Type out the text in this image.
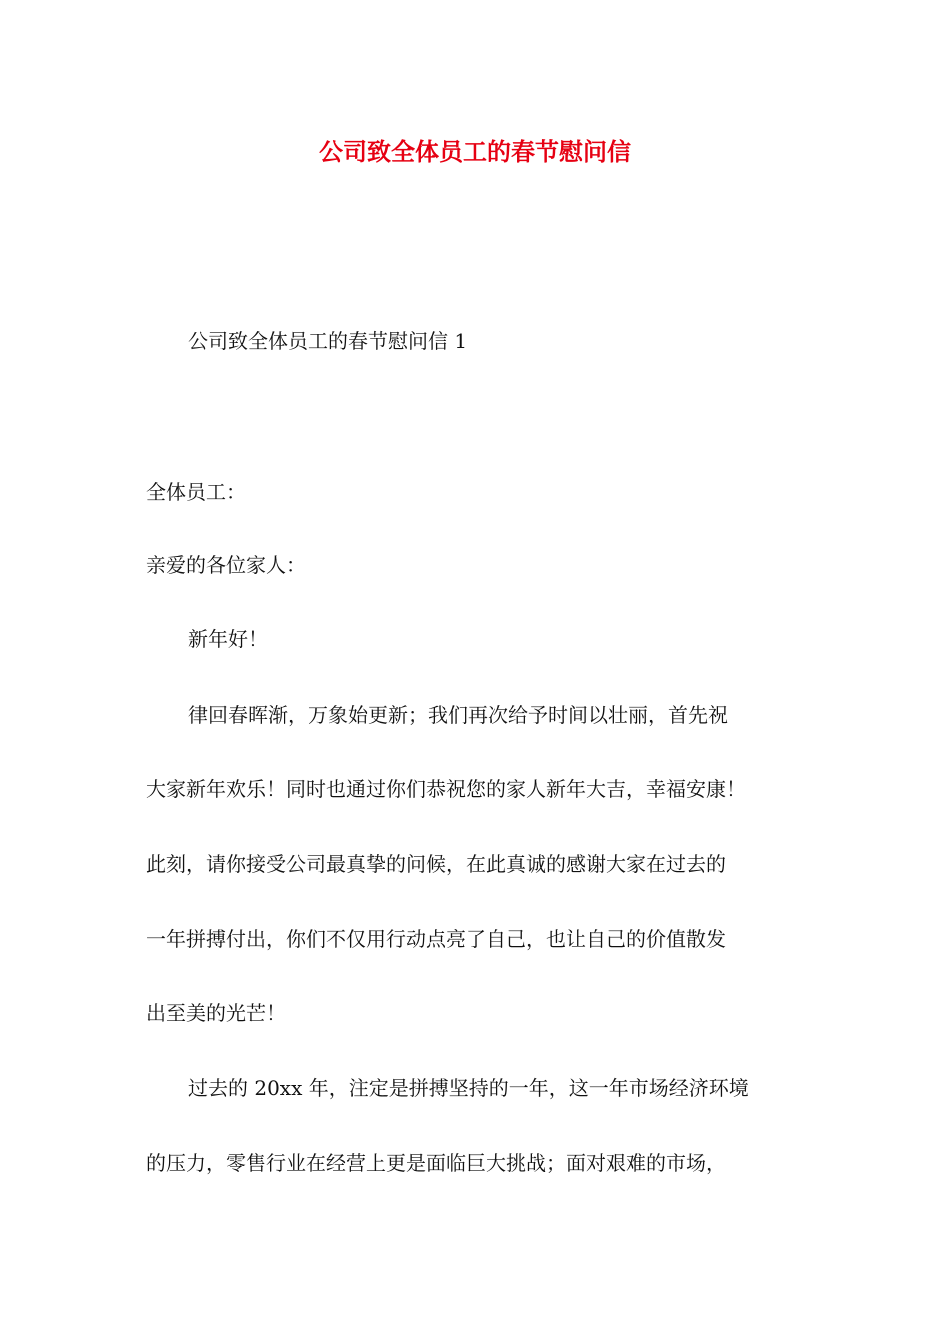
公司致全体员工的春节慰问信
公司致全体员工的春节慰问信 1
全体员工：
亲爱的各位家人：
新年好！
律回春晖渐，万象始更新；我们再次给予时间以壮丽，首先祝
大家新年欢乐！同时也通过你们恭祝您的家人新年大吉，幸福安康！
此刻，请你接受公司最真挚的问候，在此真诚的感谢大家在过去的
一年拼搏付出，你们不仅用行动点亮了自己，也让自己的价值散发
出至美的光芒！
过去的 20xx 年，注定是拼搏坚持的一年，这一年市场经济环境
的压力，零售行业在经营上更是面临巨大挑战；面对艰难的市场，
